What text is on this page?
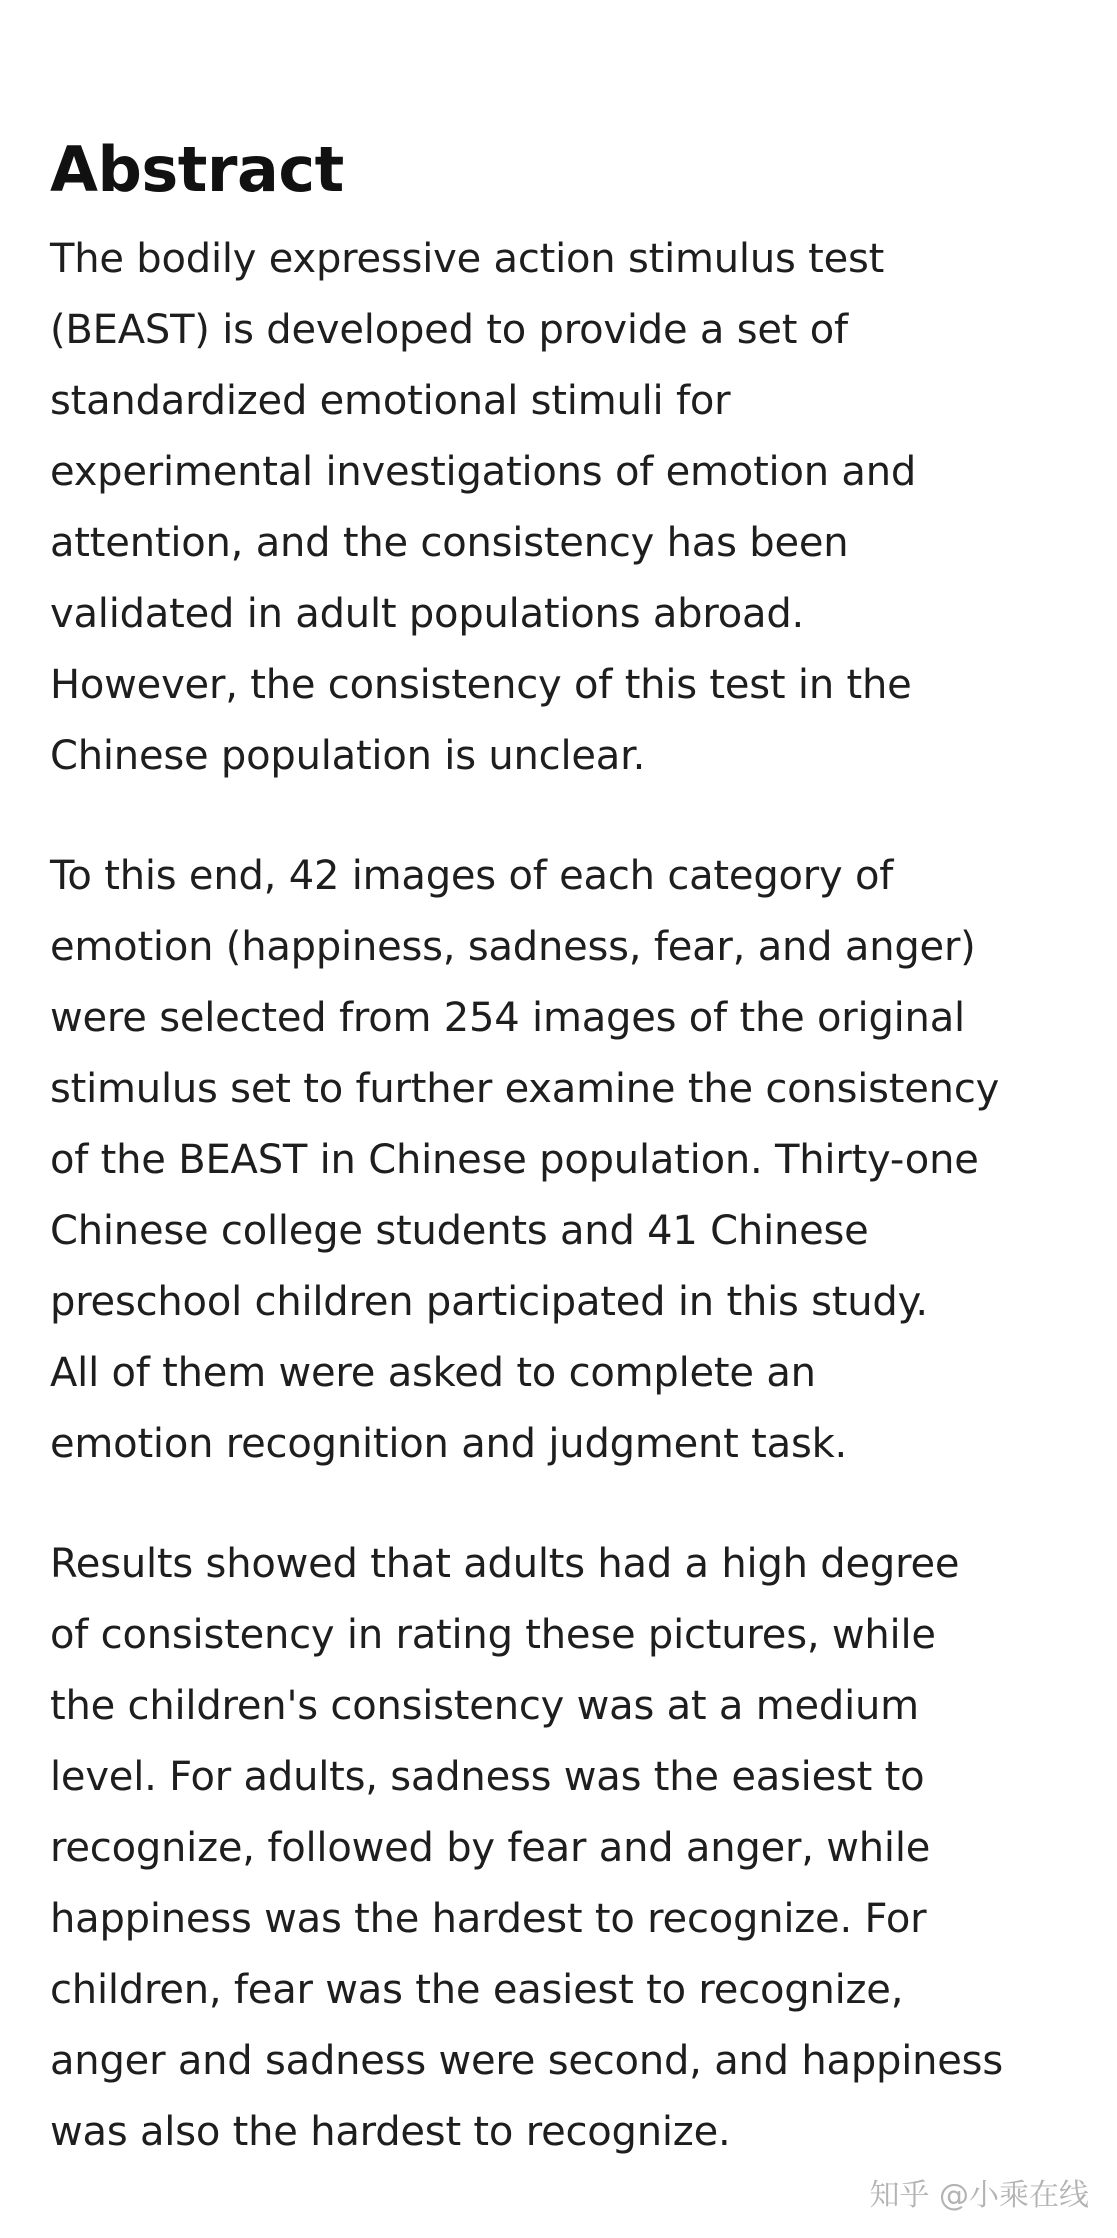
Abstract

The bodily expressive action stimulus test
(BEAST) is developed to provide a set of
standardized emotional stimuli for
experimental investigations of emotion and
attention, and the consistency has been
validated in adult populations abroad.
However, the consistency of this test in the
Chinese population is unclear.

To this end, 42 images of each category of
emotion (happiness, sadness, fear, and anger)
were selected from 254 images of the original
stimulus set to further examine the consistency
of the BEAST in Chinese population. Thirty-one
Chinese college students and 41 Chinese
preschool children participated in this study.
All of them were asked to complete an
emotion recognition and judgment task.

Results showed that adults had a high degree
of consistency in rating these pictures, while
the children's consistency was at a medium
level. For adults, sadness was the easiest to
recognize, followed by fear and anger, while
happiness was the hardest to recognize. For
children, fear was the easiest to recognize,
anger and sadness were second, and happiness
was also the hardest to recognize.

知乎 @小乘在线
